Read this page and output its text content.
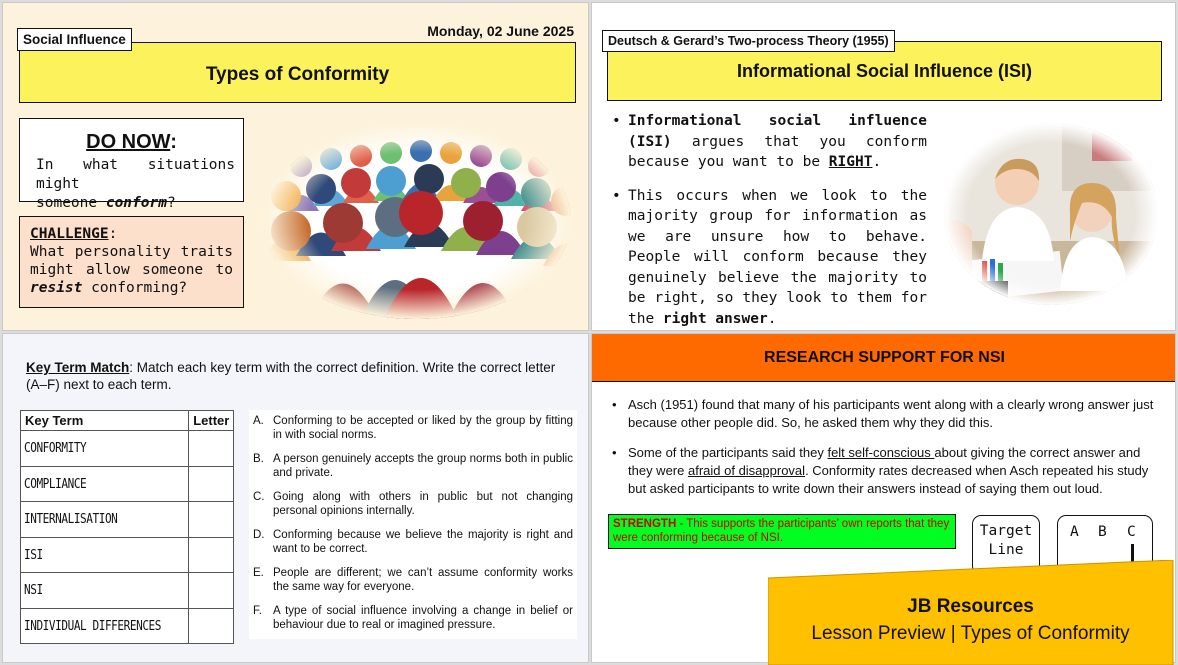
Social Influence
Monday, 02 June 2025
Types of Conformity
DO NOW:
In what situations might
someone conform?
CHALLENGE:
What personality traits might allow someone to resist conforming?
Deutsch & Gerard’s Two-process Theory (1955)
Informational Social Influence (ISI)
• Informational social influence (ISI) argues that you conform because you want to be RIGHT.
• This occurs when we look to the majority group for information as we are unsure how to behave. People will conform because they genuinely believe the majority to be right, so they look to them for the right answer.
Key Term Match: Match each key term with the correct definition. Write the correct letter (A–F) next to each term.
Key Term	Letter
CONFORMITY	
COMPLIANCE	
INTERNALISATION	
ISI	
NSI	
INDIVIDUAL DIFFERENCES	
A. Conforming to be accepted or liked by the group by fitting in with social norms.
B. A person genuinely accepts the group norms both in public and private.
C. Going along with others in public but not changing personal opinions internally.
D. Conforming because we believe the majority is right and want to be correct.
E. People are different; we can’t assume conformity works the same way for everyone.
F. A type of social influence involving a change in belief or behaviour due to real or imagined pressure.
RESEARCH SUPPORT FOR NSI
• Asch (1951) found that many of his participants went along with a clearly wrong answer just because other people did. So, he asked them why they did this.
• Some of the participants said they felt self-conscious about giving the correct answer and they were afraid of disapproval. Conformity rates decreased when Asch repeated his study but asked participants to write down their answers instead of saying them out loud.
STRENGTH - This supports the participants’ own reports that they were conforming because of NSI.	Target Line
A B C
JB Resources
Lesson Preview | Types of Conformity
